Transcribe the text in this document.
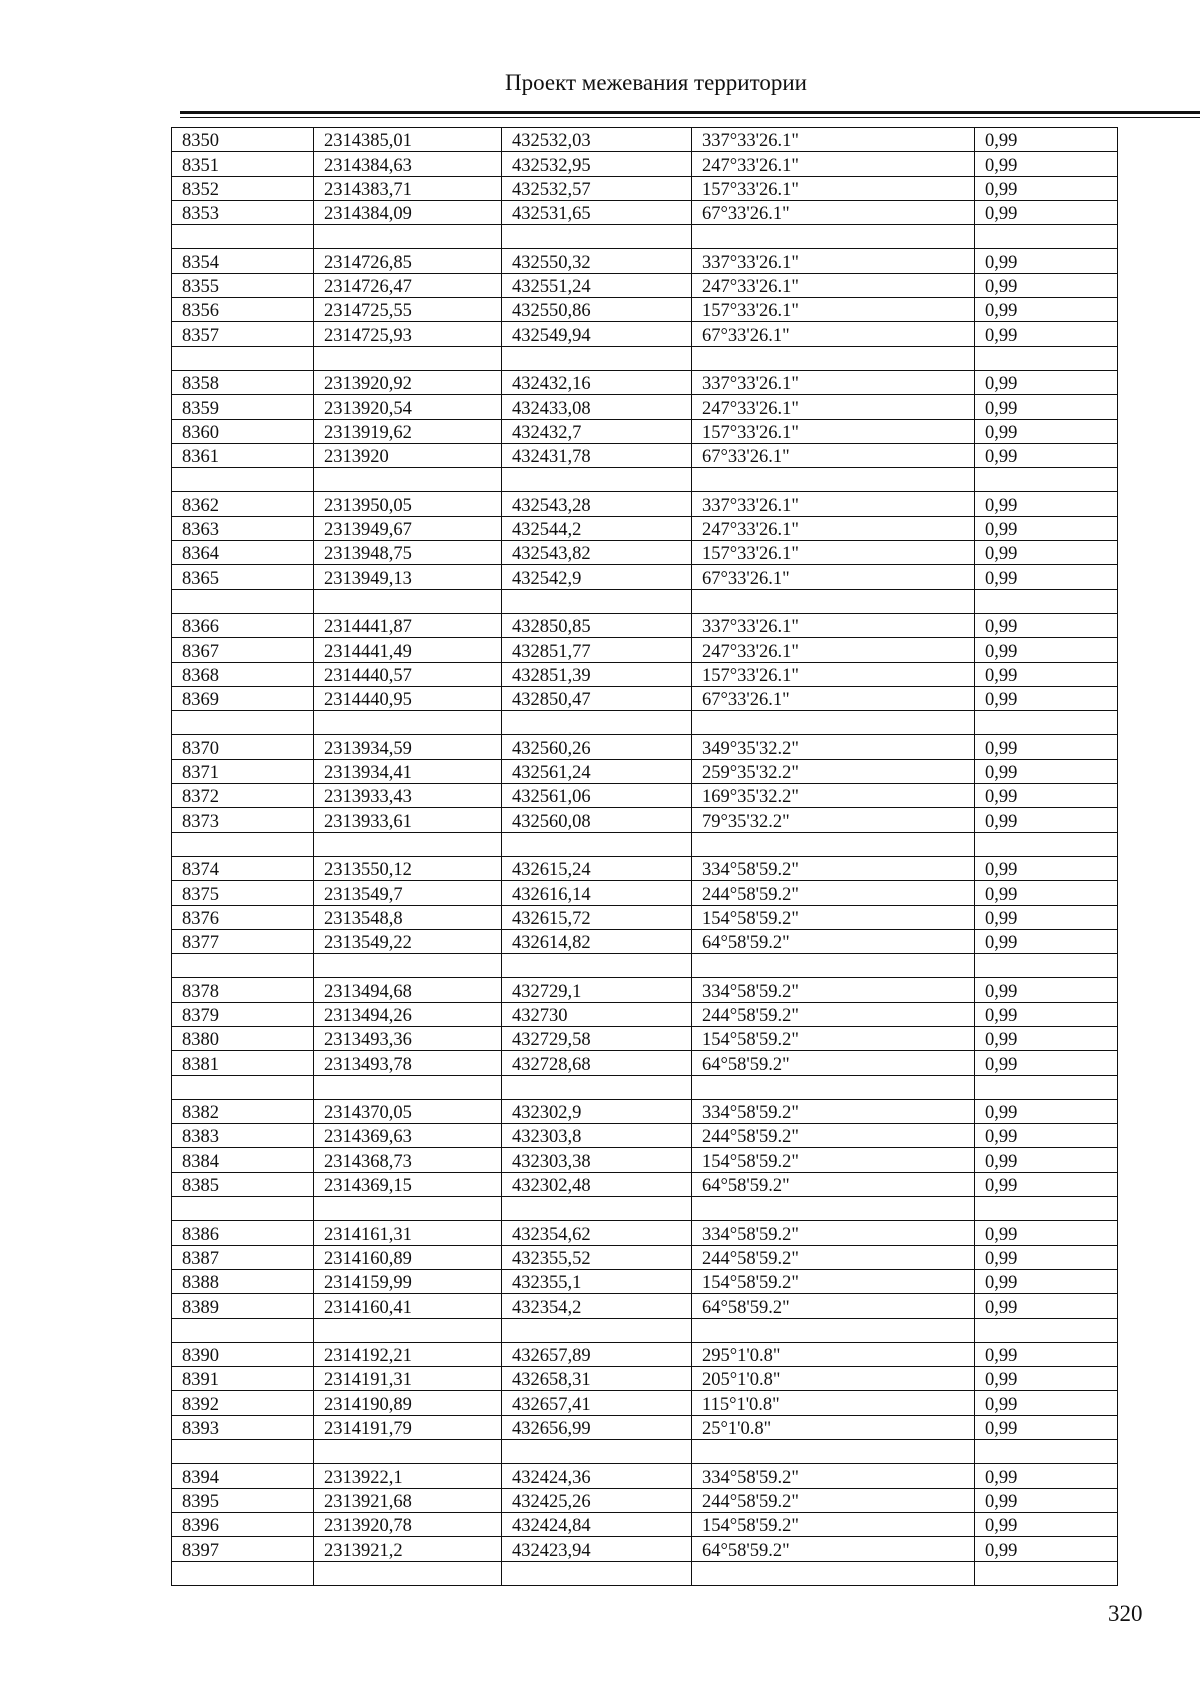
Проект межевания территории
8350	2314385,01	432532,03	337°33'26.1"	0,99
8351	2314384,63	432532,95	247°33'26.1"	0,99
8352	2314383,71	432532,57	157°33'26.1"	0,99
8353	2314384,09	432531,65	67°33'26.1"	0,99

8354	2314726,85	432550,32	337°33'26.1"	0,99
8355	2314726,47	432551,24	247°33'26.1"	0,99
8356	2314725,55	432550,86	157°33'26.1"	0,99
8357	2314725,93	432549,94	67°33'26.1"	0,99

8358	2313920,92	432432,16	337°33'26.1"	0,99
8359	2313920,54	432433,08	247°33'26.1"	0,99
8360	2313919,62	432432,7	157°33'26.1"	0,99
8361	2313920	432431,78	67°33'26.1"	0,99

8362	2313950,05	432543,28	337°33'26.1"	0,99
8363	2313949,67	432544,2	247°33'26.1"	0,99
8364	2313948,75	432543,82	157°33'26.1"	0,99
8365	2313949,13	432542,9	67°33'26.1"	0,99

8366	2314441,87	432850,85	337°33'26.1"	0,99
8367	2314441,49	432851,77	247°33'26.1"	0,99
8368	2314440,57	432851,39	157°33'26.1"	0,99
8369	2314440,95	432850,47	67°33'26.1"	0,99

8370	2313934,59	432560,26	349°35'32.2"	0,99
8371	2313934,41	432561,24	259°35'32.2"	0,99
8372	2313933,43	432561,06	169°35'32.2"	0,99
8373	2313933,61	432560,08	79°35'32.2"	0,99

8374	2313550,12	432615,24	334°58'59.2"	0,99
8375	2313549,7	432616,14	244°58'59.2"	0,99
8376	2313548,8	432615,72	154°58'59.2"	0,99
8377	2313549,22	432614,82	64°58'59.2"	0,99

8378	2313494,68	432729,1	334°58'59.2"	0,99
8379	2313494,26	432730	244°58'59.2"	0,99
8380	2313493,36	432729,58	154°58'59.2"	0,99
8381	2313493,78	432728,68	64°58'59.2"	0,99

8382	2314370,05	432302,9	334°58'59.2"	0,99
8383	2314369,63	432303,8	244°58'59.2"	0,99
8384	2314368,73	432303,38	154°58'59.2"	0,99
8385	2314369,15	432302,48	64°58'59.2"	0,99

8386	2314161,31	432354,62	334°58'59.2"	0,99
8387	2314160,89	432355,52	244°58'59.2"	0,99
8388	2314159,99	432355,1	154°58'59.2"	0,99
8389	2314160,41	432354,2	64°58'59.2"	0,99

8390	2314192,21	432657,89	295°1'0.8"	0,99
8391	2314191,31	432658,31	205°1'0.8"	0,99
8392	2314190,89	432657,41	115°1'0.8"	0,99
8393	2314191,79	432656,99	25°1'0.8"	0,99

8394	2313922,1	432424,36	334°58'59.2"	0,99
8395	2313921,68	432425,26	244°58'59.2"	0,99
8396	2313920,78	432424,84	154°58'59.2"	0,99
8397	2313921,2	432423,94	64°58'59.2"	0,99

320
